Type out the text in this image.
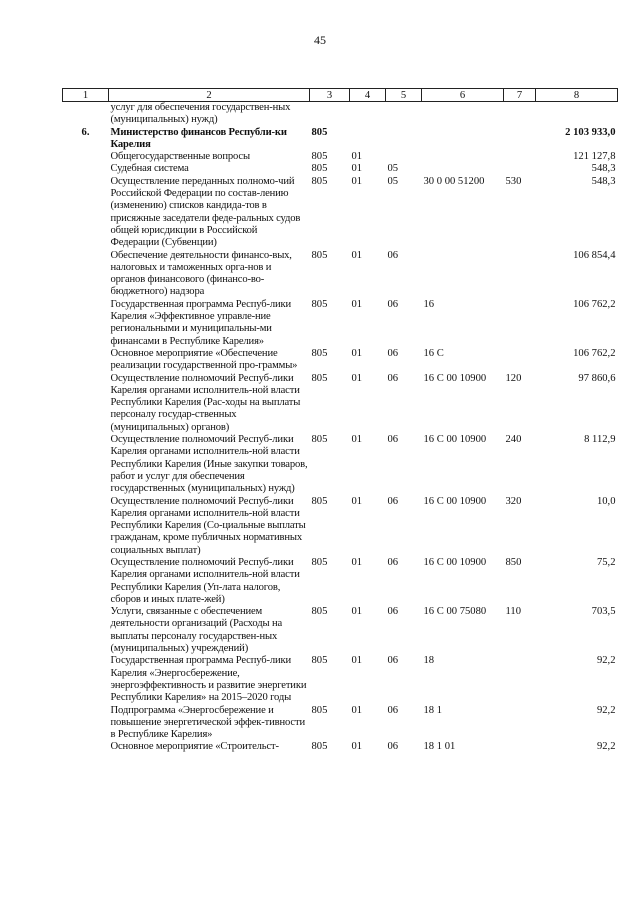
45
1	2	3	4	5	6	7	8
	услуг для обеспечения государствен-ных (муниципальных) нужд)						
6.	Министерство финансов Республи-ки Карелия	805					2 103 933,0
	Общегосударственные вопросы	805	01				121 127,8
	Судебная система	805	01	05			548,3
	Осуществление переданных полномо-чий Российской Федерации по состав-лению (изменению) списков кандида-тов в присяжные заседатели феде-ральных судов общей юрисдикции в Российской Федерации (Субвенции)	805	01	05	30 0 00 51200	530	548,3
	Обеспечение деятельности финансо-вых, налоговых и таможенных орга-нов и органов финансового (финансо-во-бюджетного) надзора	805	01	06			106 854,4
	Государственная программа Респуб-лики Карелия «Эффективное управле-ние региональными и муниципальны-ми финансами в Республике Карелия»	805	01	06	16		106 762,2
	Основное мероприятие «Обеспечение реализации государственной про-граммы»	805	01	06	16 С		106 762,2
	Осуществление полномочий Респуб-лики Карелия органами исполнитель-ной власти Республики Карелия (Рас-ходы на выплаты персоналу государ-ственных (муниципальных) органов)	805	01	06	16 С 00 10900	120	97 860,6
	Осуществление полномочий Респуб-лики Карелия органами исполнитель-ной власти Республики Карелия (Иные закупки товаров, работ и услуг для обеспечения государственных (муниципальных) нужд)	805	01	06	16 С 00 10900	240	8 112,9
	Осуществление полномочий Респуб-лики Карелия органами исполнитель-ной власти Республики Карелия (Со-циальные выплаты гражданам, кроме публичных нормативных социальных выплат)	805	01	06	16 С 00 10900	320	10,0
	Осуществление полномочий Респуб-лики Карелия органами исполнитель-ной власти Республики Карелия (Уп-лата налогов, сборов и иных платe-жей)	805	01	06	16 С 00 10900	850	75,2
	Услуги, связанные с обеспечением деятельности организаций (Расходы на выплаты персоналу государствен-ных (муниципальных) учреждений)	805	01	06	16 С 00 75080	110	703,5
	Государственная программа Респуб-лики Карелия «Энергосбережение, энергоэффективность и развитие энергетики Республики Карелия» на 2015–2020 годы	805	01	06	18		92,2
	Подпрограмма «Энергосбережение и повышение энергетической эффек-тивности в Республике Карелия»	805	01	06	18 1		92,2
	Основное мероприятие «Строительст-	805	01	06	18 1 01		92,2
